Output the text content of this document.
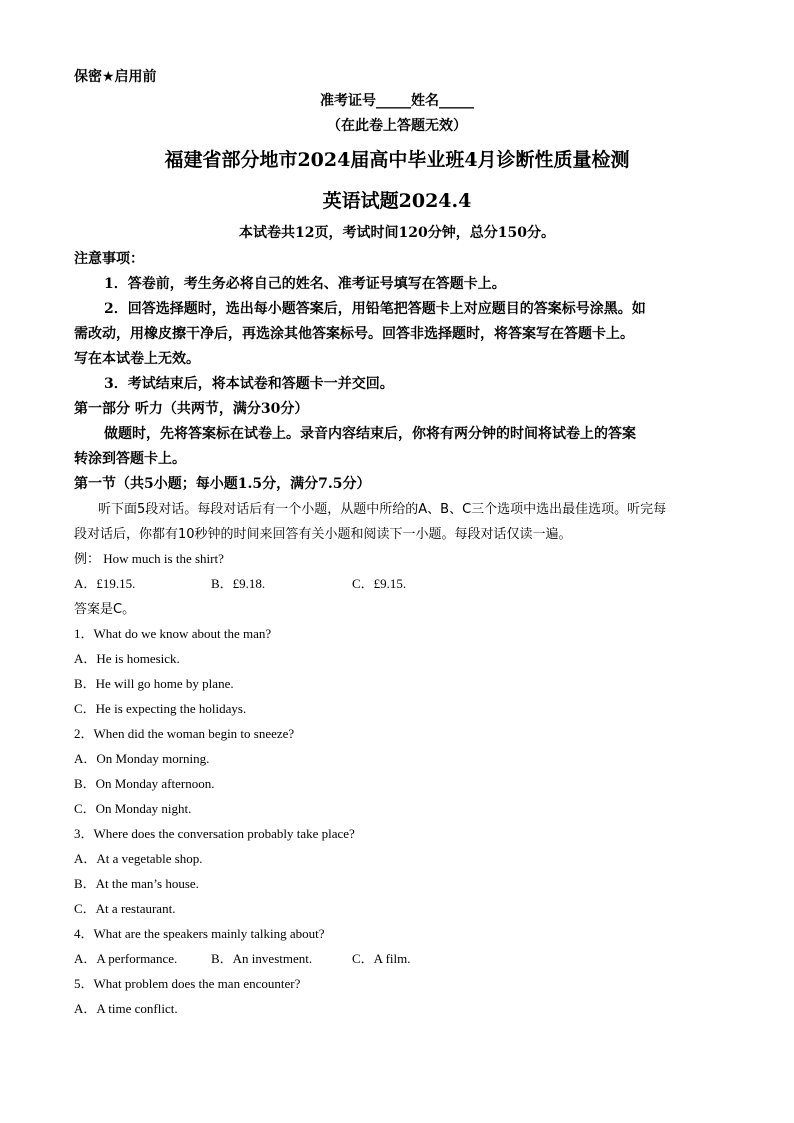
保密★启用前
准考证号_____姓名_____
（在此卷上答题无效）
福建省部分地市2024届高中毕业班4月诊断性质量检测
英语试题2024.4
本试卷共12页，考试时间120分钟，总分150分。
注意事项：
1．答卷前，考生务必将自己的姓名、准考证号填写在答题卡上。
2．回答选择题时，选出每小题答案后，用铅笔把答题卡上对应题目的答案标号涂黑。如
需改动，用橡皮擦干净后，再选涂其他答案标号。回答非选择题时，将答案写在答题卡上。
写在本试卷上无效。
3．考试结束后，将本试卷和答题卡一并交回。
第一部分 听力（共两节，满分30分）
做题时，先将答案标在试卷上。录音内容结束后，你将有两分钟的时间将试卷上的答案
转涂到答题卡上。
第一节（共5小题；每小题1.5分，满分7.5分）
听下面5段对话。每段对话后有一个小题，从题中所给的A、B、C三个选项中选出最佳选项。听完每
段对话后，你都有10秒钟的时间来回答有关小题和阅读下一小题。每段对话仅读一遍。
例： How much is the shirt?
A．£19.15.	B．£9.18.	C．£9.15.
答案是C。
1．What do we know about the man?
A．He is homesick.
B．He will go home by plane.
C．He is expecting the holidays.
2．When did the woman begin to sneeze?
A．On Monday morning.
B．On Monday afternoon.
C．On Monday night.
3．Where does the conversation probably take place?
A．At a vegetable shop.
B．At the man’s house.
C．At a restaurant.
4．What are the speakers mainly talking about?
A．A performance.	B．An investment.	C．A film.
5．What problem does the man encounter?
A．A time conflict.
